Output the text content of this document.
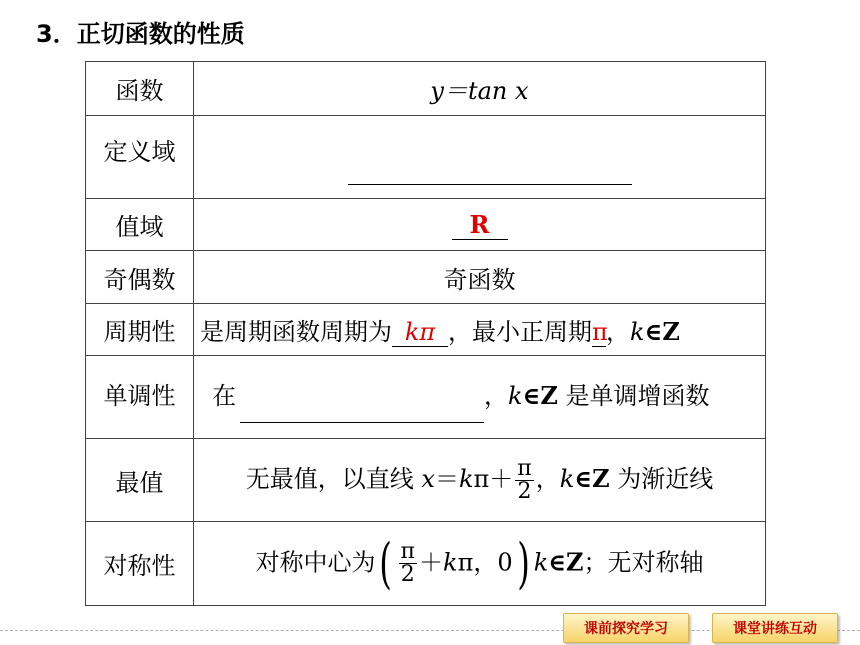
3．正切函数的性质
函数	y＝tan x
定义域	

值域	R
奇偶数	奇函数
周期性	是周期函数周期为 kπ ，最小正周期π，k∈Z
单调性	在 ，k∈Z 是单调增函数

最值	无最值，以直线 $x=k\pi+ \frac{\pi}{2}$ ，k∈Z 为渐近线
对称性	对称中心为( $\frac{\pi}{2} +k\pi$，0) k∈Z；无对称轴
课前探究学习	课堂讲练互动
